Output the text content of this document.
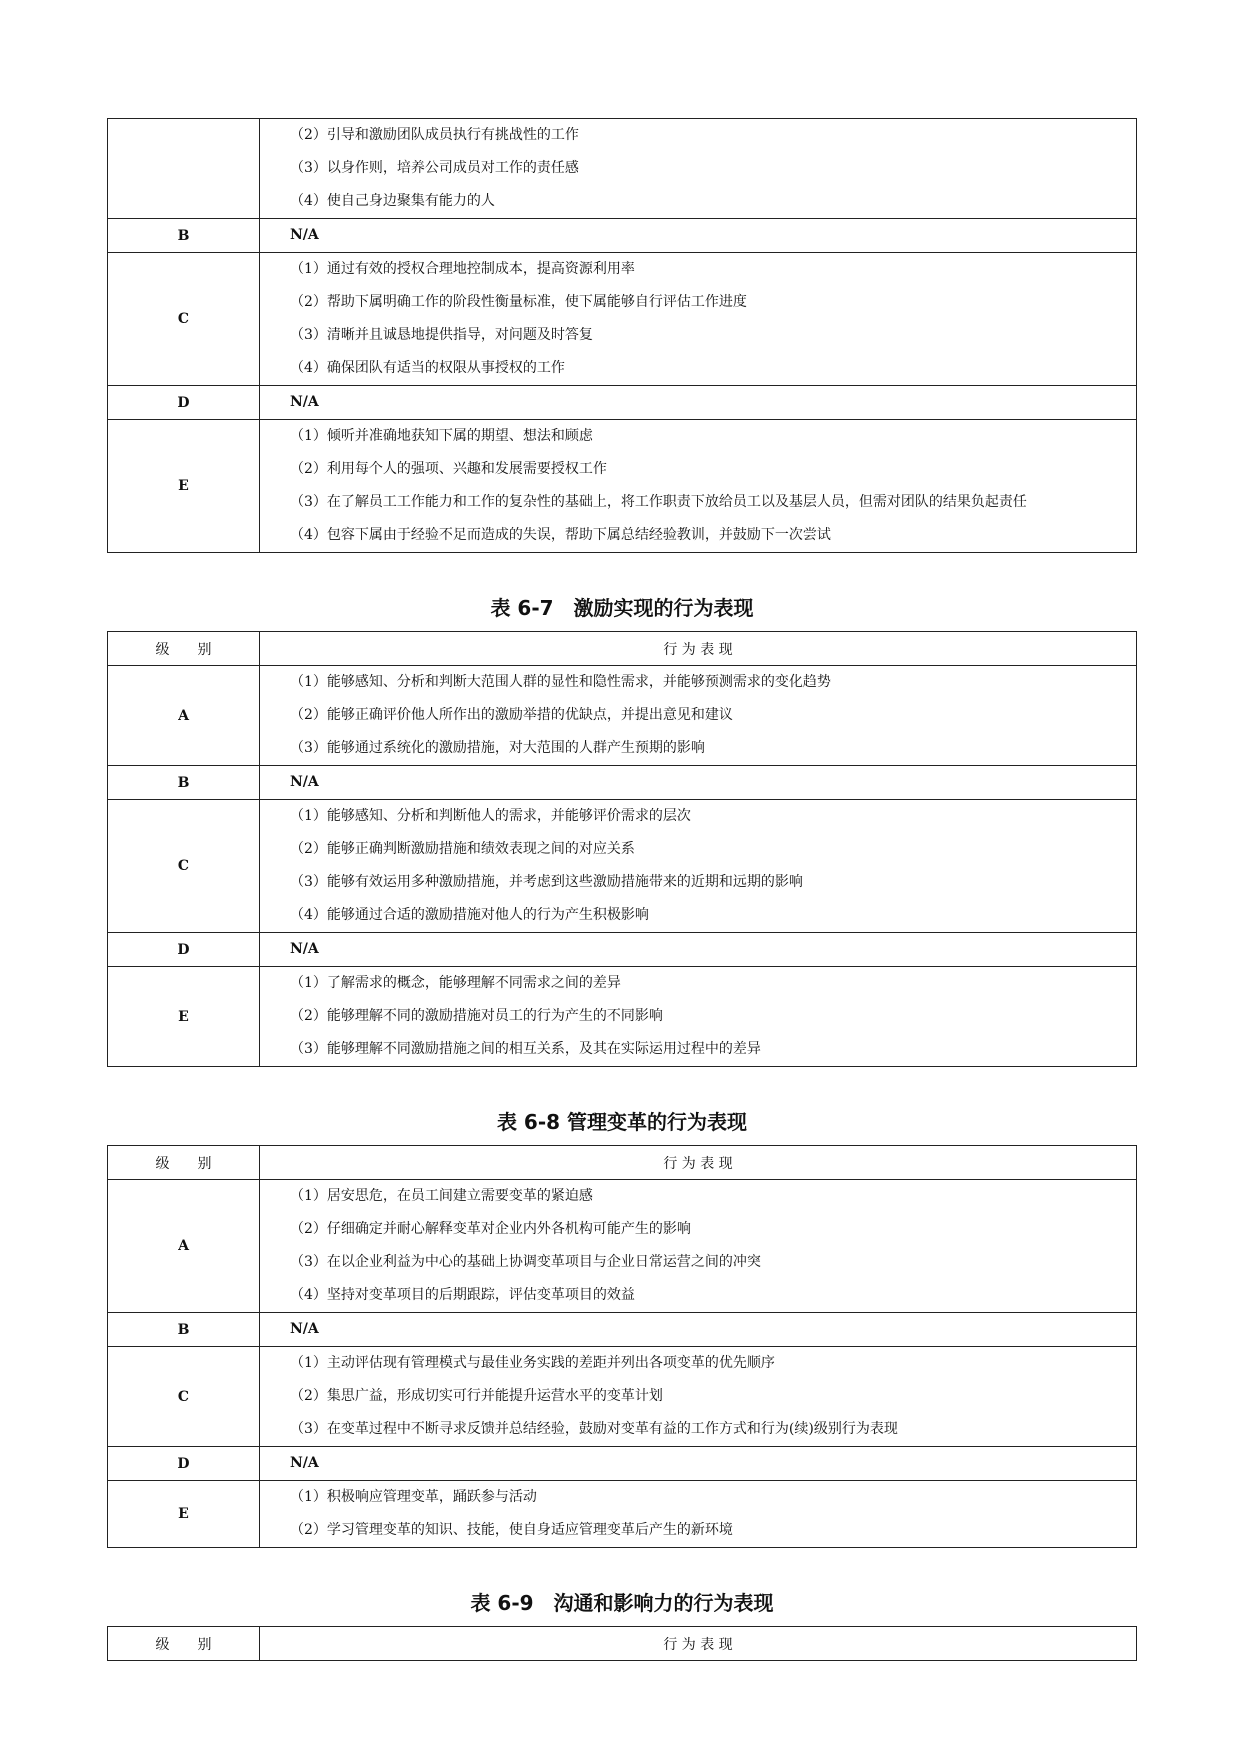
	（2）引导和激励团队成员执行有挑战性的工作
（3）以身作则，培养公司成员对工作的责任感
（4）使自己身边聚集有能力的人

B	N/A

C	（1）通过有效的授权合理地控制成本，提高资源利用率
（2）帮助下属明确工作的阶段性衡量标准，使下属能够自行评估工作进度
（3）清晰并且诚恳地提供指导，对问题及时答复
（4）确保团队有适当的权限从事授权的工作

D	N/A

E	（1）倾听并准确地获知下属的期望、想法和顾虑
（2）利用每个人的强项、兴趣和发展需要授权工作
（3）在了解员工工作能力和工作的复杂性的基础上，将工作职责下放给员工以及基层人员，但需对团队的结果负起责任
（4）包容下属由于经验不足而造成的失误，帮助下属总结经验教训，并鼓励下一次尝试
表 6-7　激励实现的行为表现
级　　别	行 为 表 现
A	（1）能够感知、分析和判断大范围人群的显性和隐性需求，并能够预测需求的变化趋势
（2）能够正确评价他人所作出的激励举措的优缺点，并提出意见和建议
（3）能够通过系统化的激励措施，对大范围的人群产生预期的影响

B	N/A

C	（1）能够感知、分析和判断他人的需求，并能够评价需求的层次
（2）能够正确判断激励措施和绩效表现之间的对应关系
（3）能够有效运用多种激励措施，并考虑到这些激励措施带来的近期和远期的影响
（4）能够通过合适的激励措施对他人的行为产生积极影响

D	N/A

E	（1）了解需求的概念，能够理解不同需求之间的差异
（2）能够理解不同的激励措施对员工的行为产生的不同影响
（3）能够理解不同激励措施之间的相互关系，及其在实际运用过程中的差异
表 6-8 管理变革的行为表现
级　　别	行 为 表 现
A	（1）居安思危，在员工间建立需要变革的紧迫感
（2）仔细确定并耐心解释变革对企业内外各机构可能产生的影响
（3）在以企业利益为中心的基础上协调变革项目与企业日常运营之间的冲突
（4）坚持对变革项目的后期跟踪，评估变革项目的效益

B	N/A

C	（1）主动评估现有管理模式与最佳业务实践的差距并列出各项变革的优先顺序
（2）集思广益，形成切实可行并能提升运营水平的变革计划
（3）在变革过程中不断寻求反馈并总结经验，鼓励对变革有益的工作方式和行为(续)级别行为表现

D	N/A

E	（1）积极响应管理变革，踊跃参与活动
（2）学习管理变革的知识、技能，使自身适应管理变革后产生的新环境
表 6-9　沟通和影响力的行为表现
级　　别	行 为 表 现
